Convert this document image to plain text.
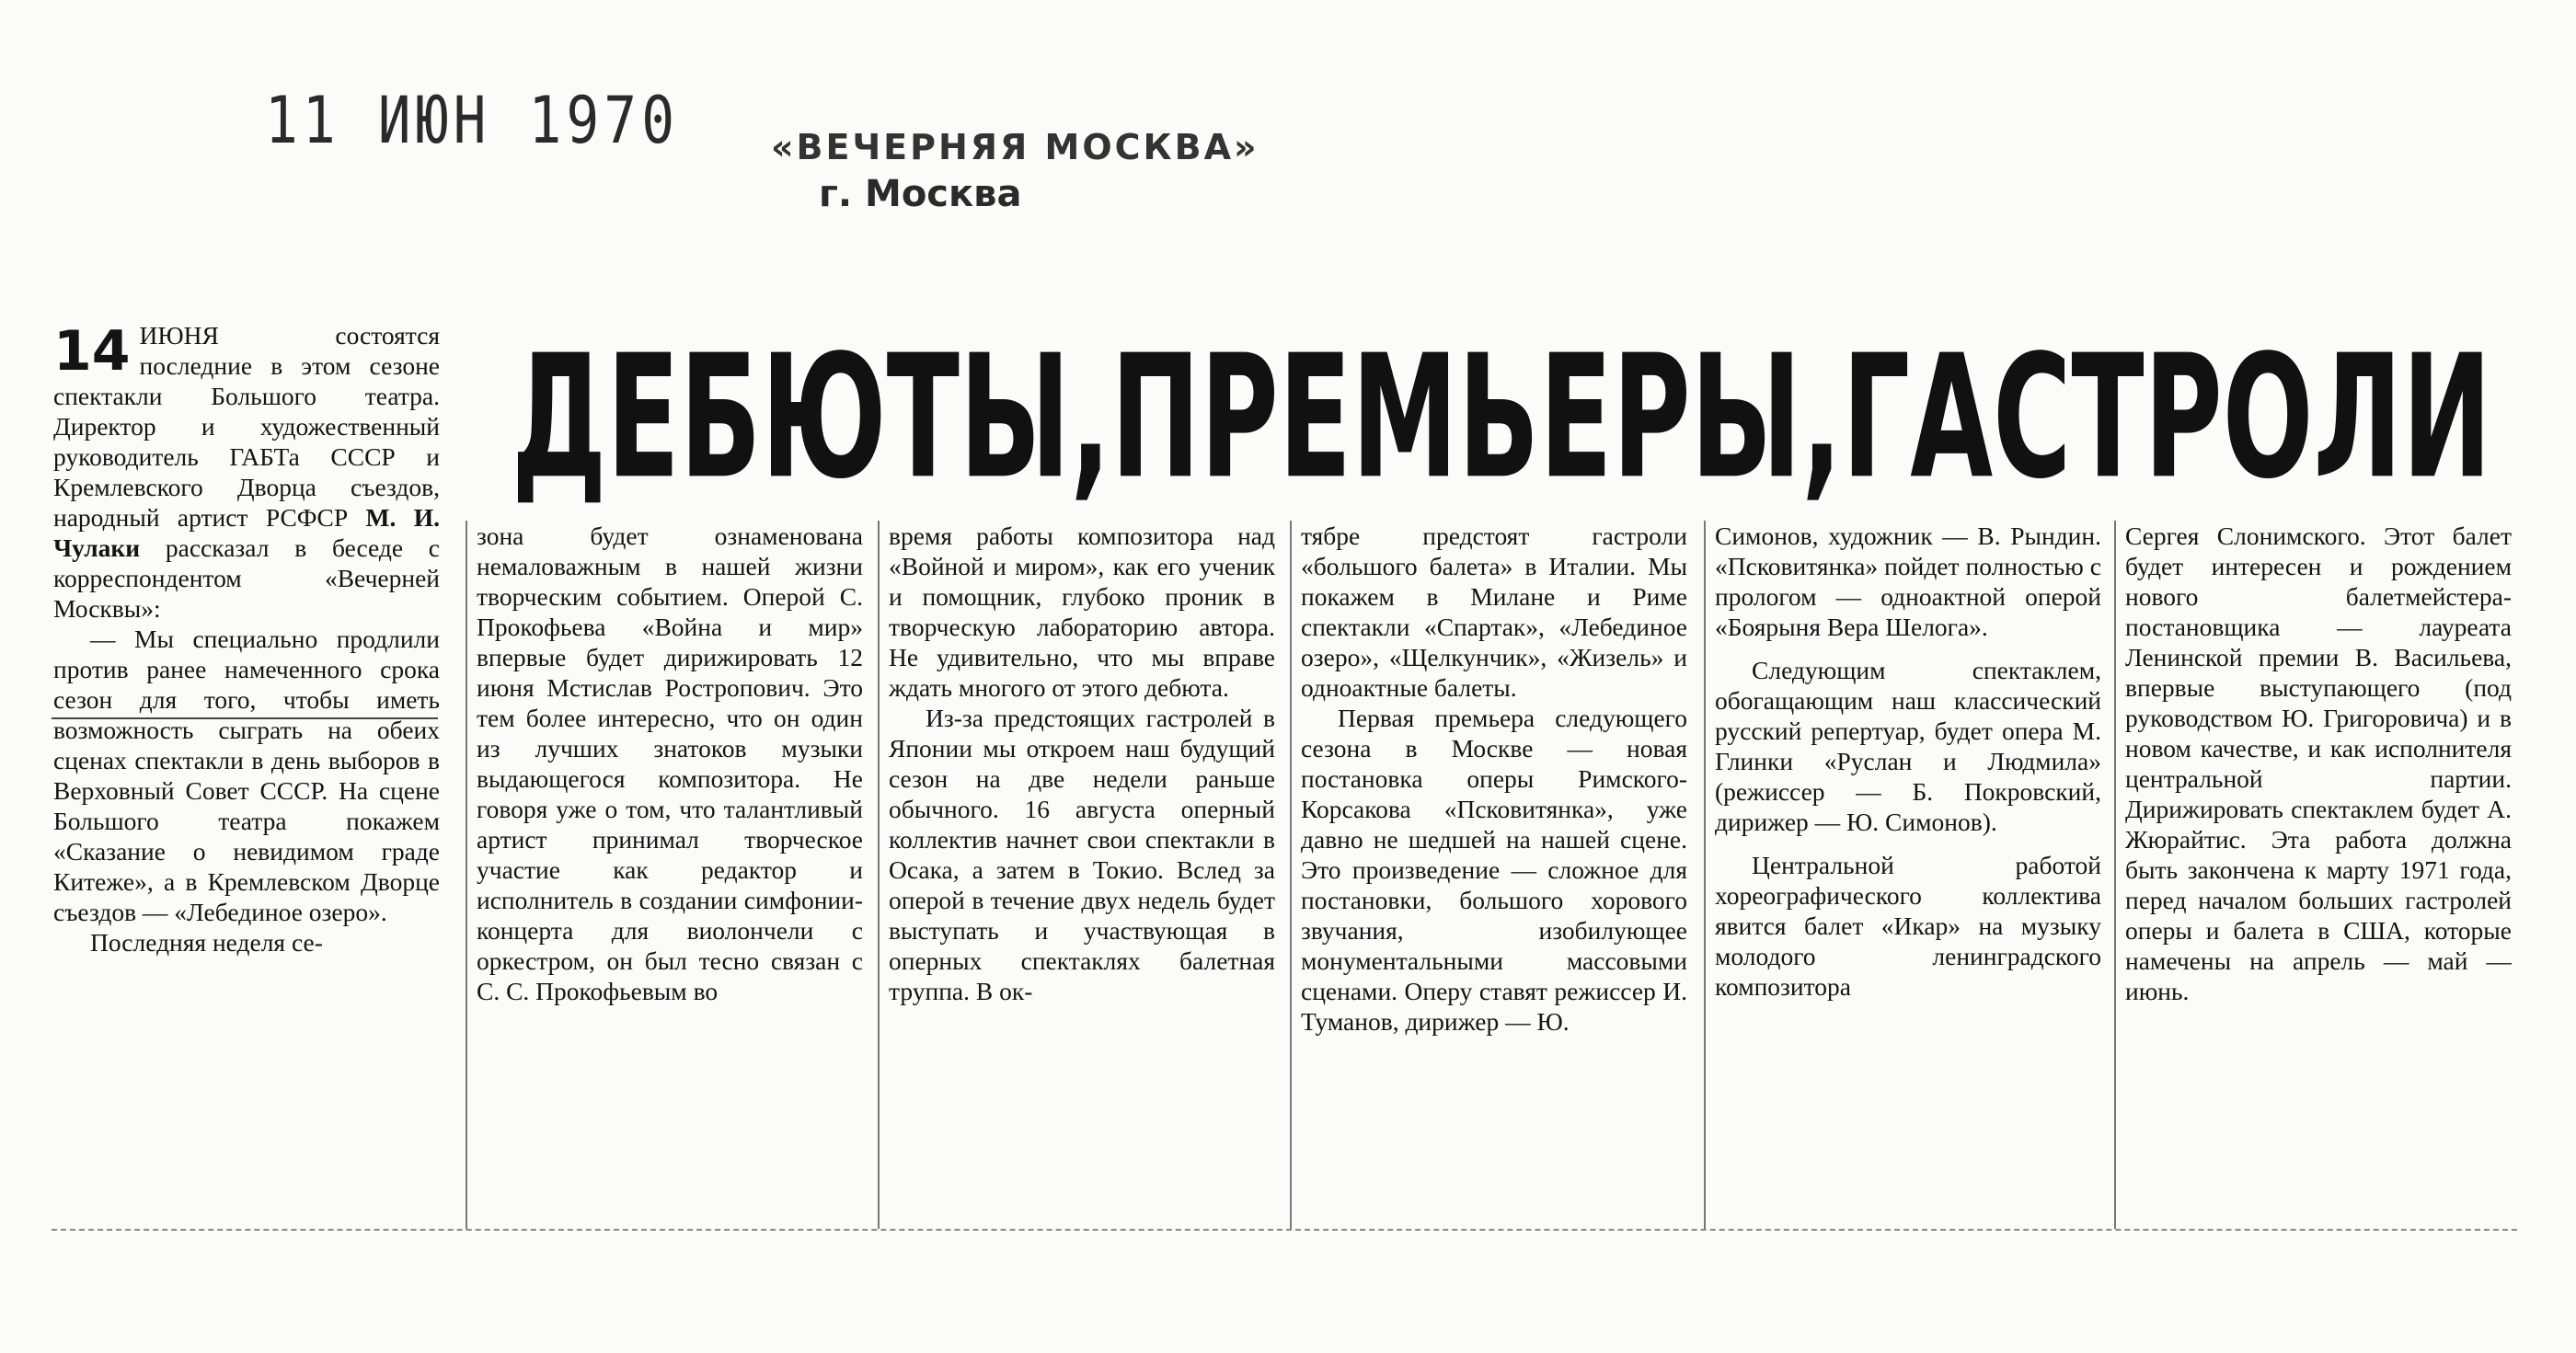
11 ИЮН 1970	«ВЕЧЕРНЯЯ МОСКВА»
г. Москва
ДЕБЮТЫ, ПРЕМЬЕРЫ, ГАСТРОЛИ

14 ИЮНЯ состоятся последние в этом сезоне спектакли Большого театра. Директор и художественный руководитель ГАБТа СССР и Кремлевского Дворца съездов, народный артист РСФСР М. И. Чулаки рассказал в беседе с корреспондентом «Вечерней Москвы»:

— Мы специально продлили против ранее намеченного срока сезон для того, чтобы иметь возможность сыграть на обеих сценах спектакли в день выборов в Верховный Совет СССР. На сцене Большого театра покажем «Сказание о невидимом граде Китеже», а в Кремлевском Дворце съездов — «Лебединое озеро».

Последняя неделя се-

зона будет ознаменована немаловажным в нашей жизни творческим событием. Оперой С. Прокофьева «Война и мир» впервые будет дирижировать 12 июня Мстислав Ростропович. Это тем более интересно, что он один из лучших знатоков музыки выдающегося композитора. Не говоря уже о том, что талантливый артист принимал творческое участие как редактор и исполнитель в создании симфонии-концерта для виолончели с оркестром, он был тесно связан с С. С. Прокофьевым во

время работы композитора над «Войной и миром», как его ученик и помощник, глубоко проник в творческую лабораторию автора. Не удивительно, что мы вправе ждать многого от этого дебюта.

Из-за предстоящих гастролей в Японии мы откроем наш будущий сезон на две недели раньше обычного. 16 августа оперный коллектив начнет свои спектакли в Осака, а затем в Токио. Вслед за оперой в течение двух недель будет выступать и участвующая в оперных спектаклях балетная труппа. В ок-

тябре предстоят гастроли «большого балета» в Италии. Мы покажем в Милане и Риме спектакли «Спартак», «Лебединое озеро», «Щелкунчик», «Жизель» и одноактные балеты.

Первая премьера следующего сезона в Москве — новая постановка оперы Римского-Корсакова «Псковитянка», уже давно не шедшей на нашей сцене. Это произведение — сложное для постановки, большого хорового звучания, изобилующее монументальными массовыми сценами. Оперу ставят режиссер И. Туманов, дирижер — Ю.

Симонов, художник — В. Рындин. «Псковитянка» пойдет полностью с прологом — одноактной оперой «Боярыня Вера Шелога».

Следующим спектаклем, обогащающим наш классический русский репертуар, будет опера М. Глинки «Руслан и Людмила» (режиссер — Б. Покровский, дирижер — Ю. Симонов).

Центральной работой хореографического коллектива явится балет «Икар» на музыку молодого ленинградского композитора

Сергея Слонимского. Этот балет будет интересен и рождением нового балетмейстера-постановщика — лауреата Ленинской премии В. Васильева, впервые выступающего (под руководством Ю. Григоровича) и в новом качестве, и как исполнителя центральной партии. Дирижировать спектаклем будет А. Жюрайтис. Эта работа должна быть закончена к марту 1971 года, перед началом больших гастролей оперы и балета в США, которые намечены на апрель — май — июнь.
